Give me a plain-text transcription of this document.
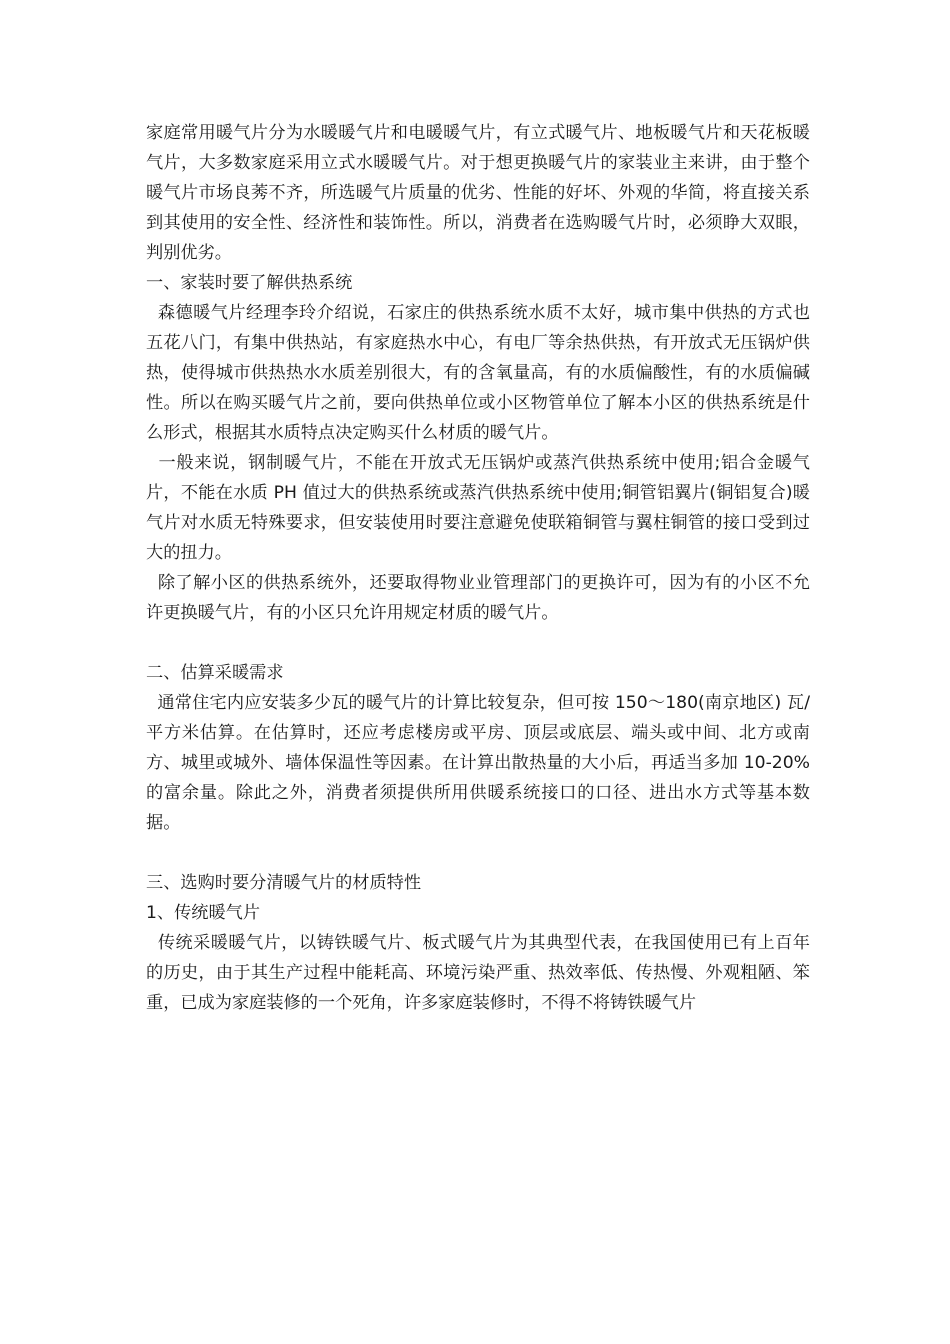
家庭常用暖气片分为水暖暖气片和电暖暖气片，有立式暖气片、地板暖气片和天花板暖气片，大多数家庭采用立式水暖暖气片。对于想更换暖气片的家装业主来讲，由于整个暖气片市场良莠不齐，所选暖气片质量的优劣、性能的好坏、外观的华简，将直接关系到其使用的安全性、经济性和装饰性。所以，消费者在选购暖气片时，必须睁大双眼，判别优劣。

一、家装时要了解供热系统

森德暖气片经理李玲介绍说，石家庄的供热系统水质不太好，城市集中供热的方式也五花八门，有集中供热站，有家庭热水中心，有电厂等余热供热，有开放式无压锅炉供热，使得城市供热热水水质差别很大，有的含氧量高，有的水质偏酸性，有的水质偏碱性。所以在购买暖气片之前，要向供热单位或小区物管单位了解本小区的供热系统是什么形式，根据其水质特点决定购买什么材质的暖气片。

一般来说，钢制暖气片，不能在开放式无压锅炉或蒸汽供热系统中使用;铝合金暖气片，不能在水质 PH 值过大的供热系统或蒸汽供热系统中使用;铜管铝翼片(铜铝复合)暖气片对水质无特殊要求，但安装使用时要注意避免使联箱铜管与翼柱铜管的接口受到过大的扭力。

除了解小区的供热系统外，还要取得物业业管理部门的更换许可，因为有的小区不允许更换暖气片，有的小区只允许用规定材质的暖气片。

二、估算采暖需求

通常住宅内应安装多少瓦的暖气片的计算比较复杂，但可按 150～180(南京地区) 瓦/平方米估算。在估算时，还应考虑楼房或平房、顶层或底层、端头或中间、北方或南方、城里或城外、墙体保温性等因素。在计算出散热量的大小后，再适当多加 10-20%的富余量。除此之外，消费者须提供所用供暖系统接口的口径、进出水方式等基本数据。

三、选购时要分清暖气片的材质特性

1、传统暖气片

传统采暖暖气片，以铸铁暖气片、板式暖气片为其典型代表，在我国使用已有上百年的历史，由于其生产过程中能耗高、环境污染严重、热效率低、传热慢、外观粗陋、笨重，已成为家庭装修的一个死角，许多家庭装修时，不得不将铸铁暖气片
